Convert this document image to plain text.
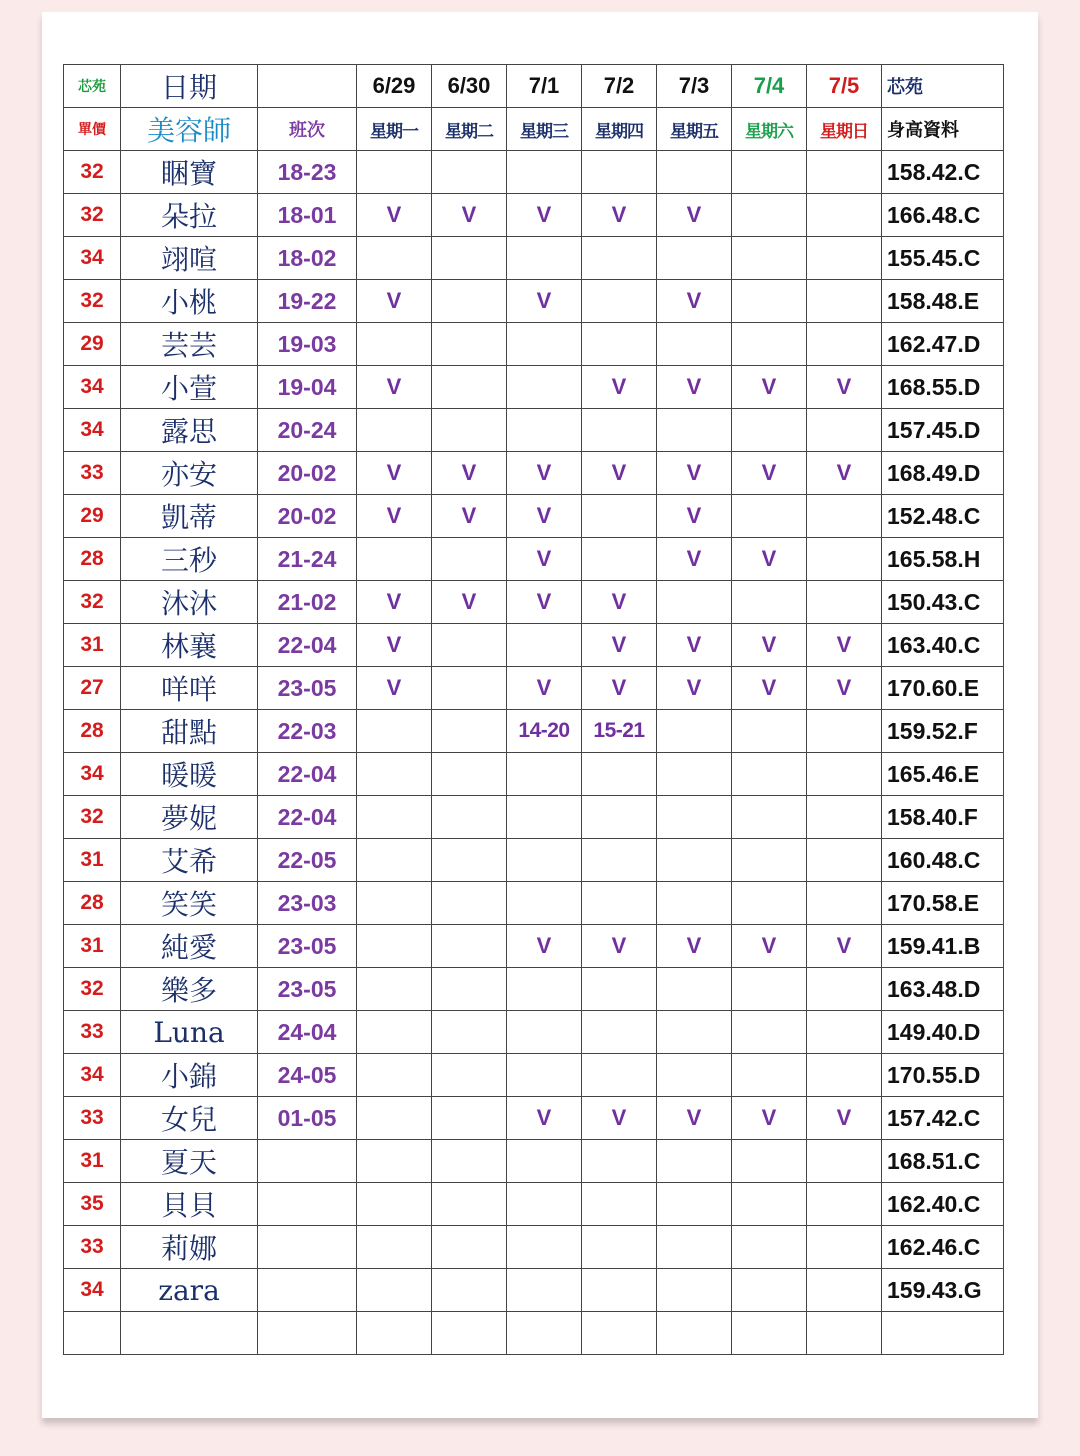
芯苑	日期		6/29	6/30	7/1	7/2	7/3	7/4	7/5	芯苑
單價	美容師	班次	星期一	星期二	星期三	星期四	星期五	星期六	星期日	身高資料
32	睏寶	18-23								158.42.C
32	朵拉	18-01	V	V	V	V	V			166.48.C
34	翊喧	18-02								155.45.C
32	小桃	19-22	V		V		V			158.48.E
29	芸芸	19-03								162.47.D
34	小萱	19-04	V			V	V	V	V	168.55.D
34	露思	20-24								157.45.D
33	亦安	20-02	V	V	V	V	V	V	V	168.49.D
29	凱蒂	20-02	V	V	V		V			152.48.C
28	三秒	21-24			V		V	V		165.58.H
32	沐沐	21-02	V	V	V	V				150.43.C
31	林襄	22-04	V			V	V	V	V	163.40.C
27	咩咩	23-05	V		V	V	V	V	V	170.60.E
28	甜點	22-03			14-20	15-21				159.52.F
34	暖暖	22-04								165.46.E
32	夢妮	22-04								158.40.F
31	艾希	22-05								160.48.C
28	笑笑	23-03								170.58.E
31	純愛	23-05			V	V	V	V	V	159.41.B
32	樂多	23-05								163.48.D
33	Luna	24-04								149.40.D
34	小錦	24-05								170.55.D
33	女兒	01-05			V	V	V	V	V	157.42.C
31	夏天									168.51.C
35	貝貝									162.40.C
33	莉娜									162.46.C
34	zara									159.43.G
